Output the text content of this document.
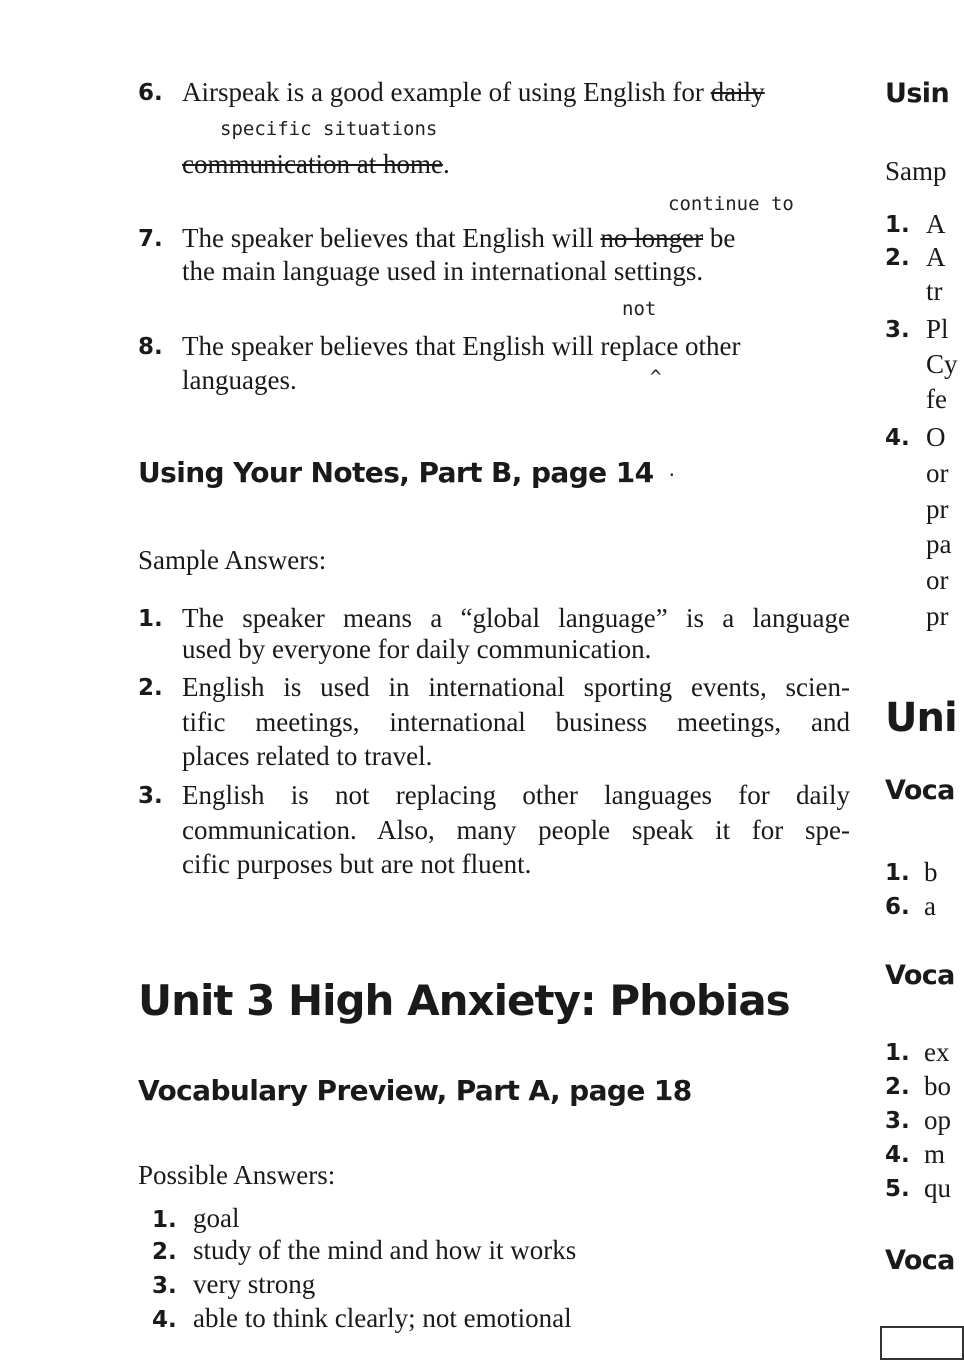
6. Airspeak is a good example of using English for daily
specific situations
communication at home.
continue to
7. The speaker believes that English will no longer be
the main language used in international settings.
not
8. The speaker believes that English will replace other
languages.	^
Using Your Notes, Part B, page 14 ·
Sample Answers:
1. The speaker means a “global language” is a language
used by everyone for daily communication.
2. English is used in international sporting events, scien-
tific meetings, international business meetings, and
places related to travel.
3. English is not replacing other languages for daily
communication. Also, many people speak it for spe-
cific purposes but are not fluent.
Unit 3 High Anxiety: Phobias
Vocabulary Preview, Part A, page 18
Possible Answers:
1. goal
2. study of the mind and how it works
3. very strong
4. able to think clearly; not emotional
Usin
Samp
1. A
2. A
tr
3. Pl
Cy
fe
4. O
or
pr
pa
or
pr
Uni
Voca
1. b
6. a
Voca
1. ex
2. bo
3. op
4. m
5. qu
Voca
